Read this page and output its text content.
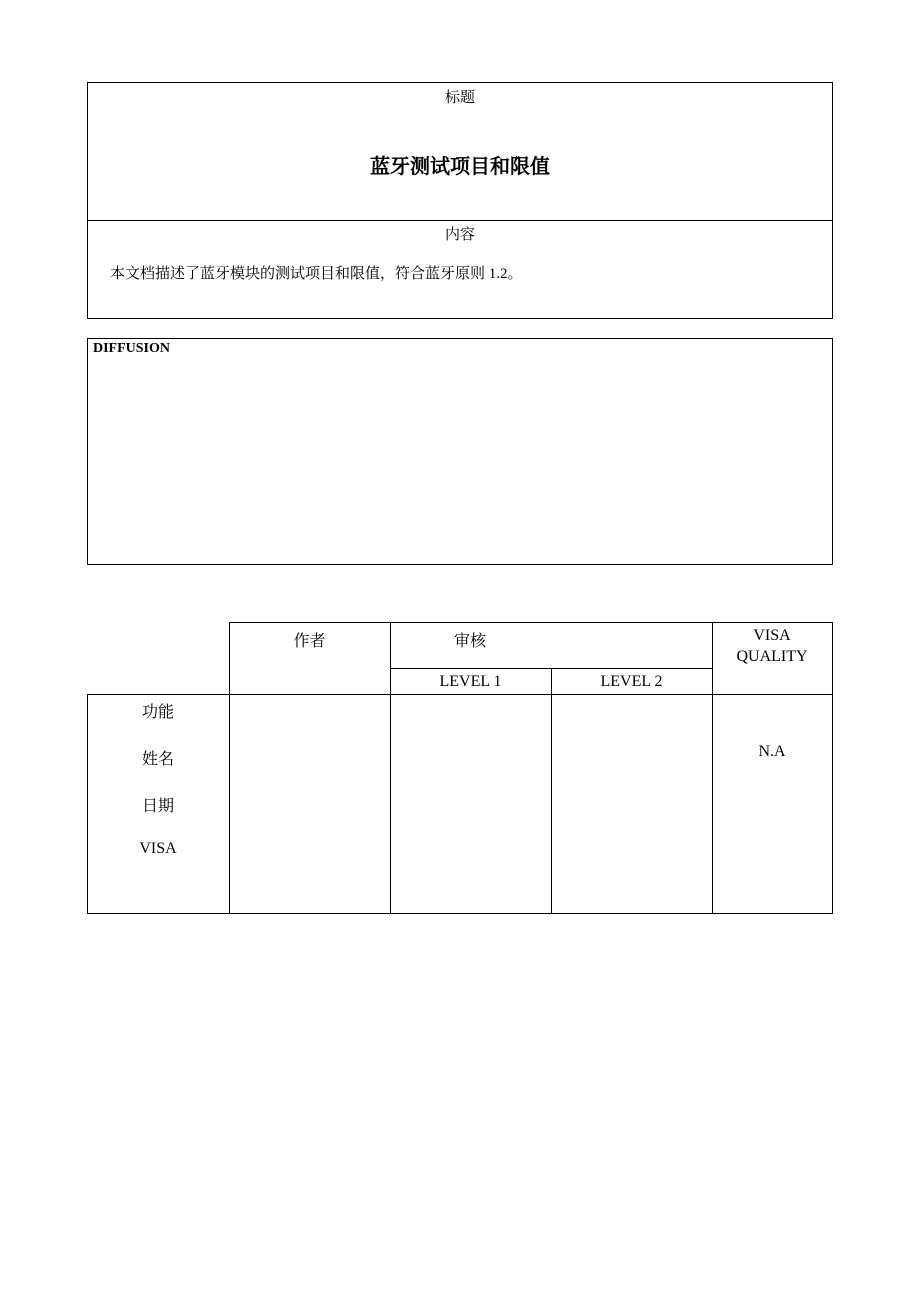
标题
蓝牙测试项目和限值
内容
本文档描述了蓝牙模块的测试项目和限值，符合蓝牙原则 1.2。
DIFFUSION
作者	审核
LEVEL 1	LEVEL 2
VISA
QUALITY
功能
姓名
日期
VISA
N.A
